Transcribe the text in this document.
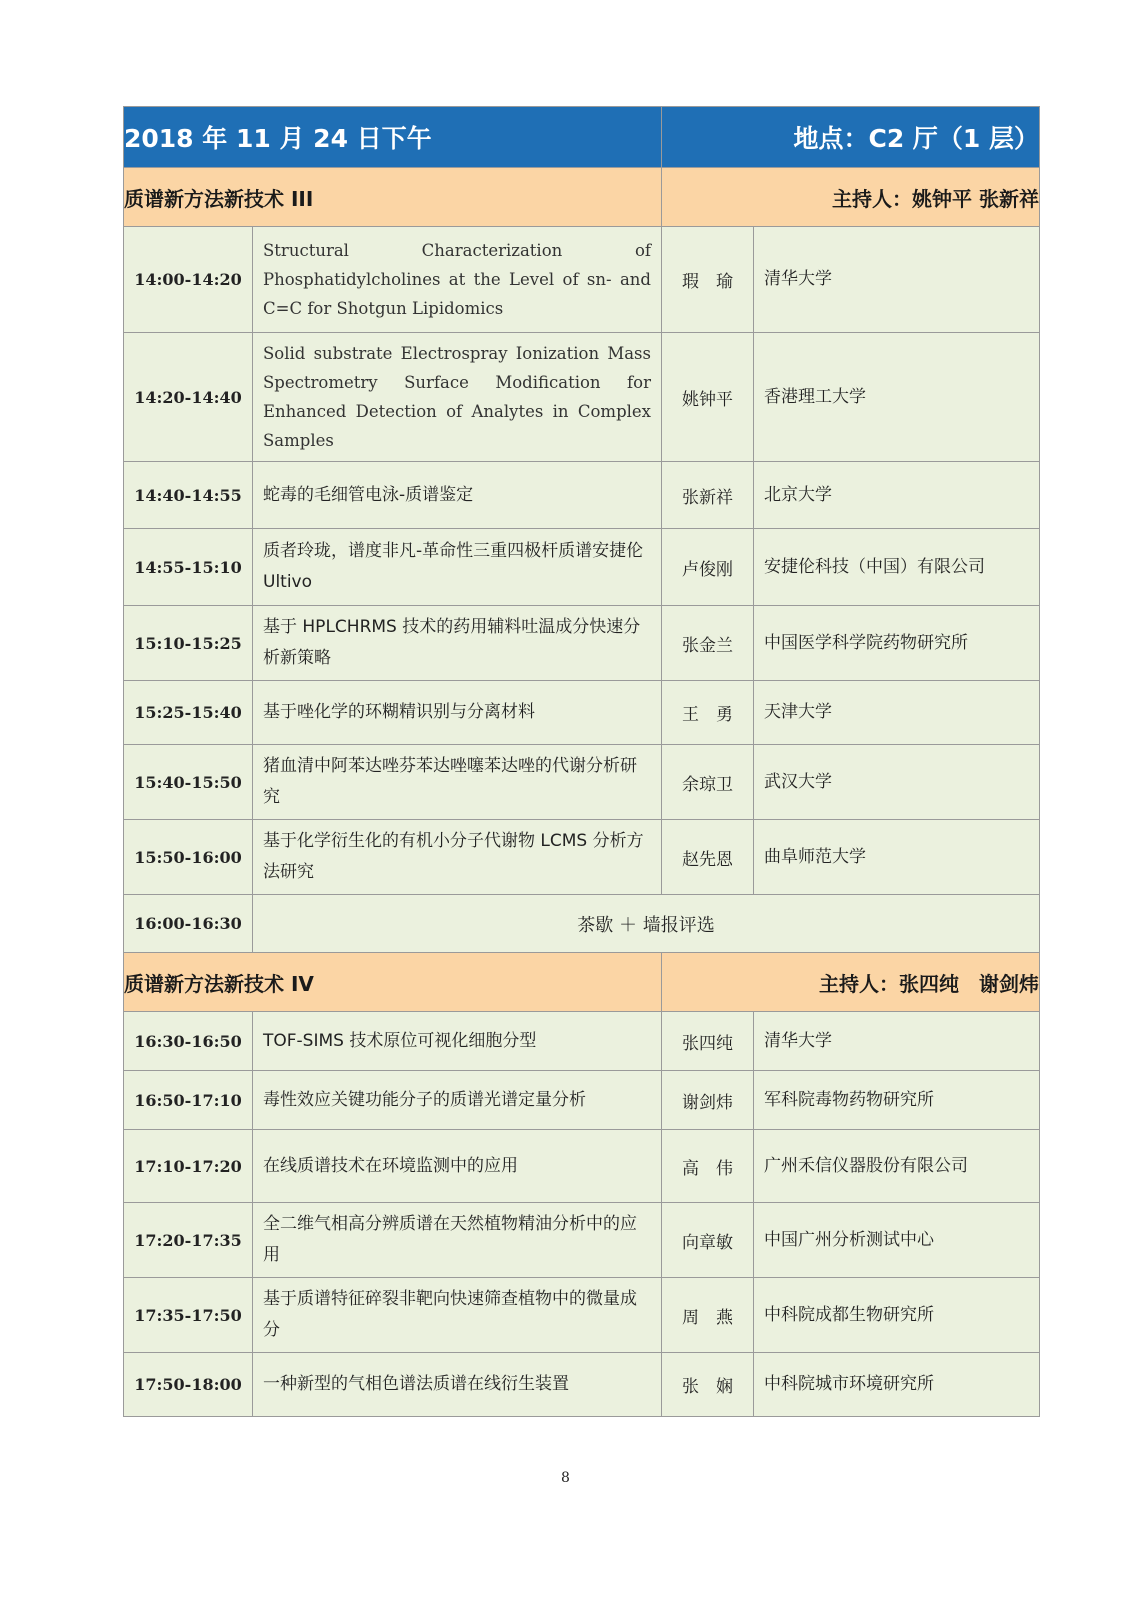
2018 年 11 月 24 日下午		地点：C2 厅（1 层）	
质谱新方法新技术 III		主持人：姚钟平 张新祥	
14:00-14:20	Structural Characterization of Phosphatidylcholines at the Level of sn- and C=C for Shotgun Lipidomics	瑕　瑜	清华大学
14:20-14:40	Solid substrate Electrospray Ionization Mass Spectrometry Surface Modification for Enhanced Detection of Analytes in Complex Samples	姚钟平	香港理工大学
14:40-14:55	蛇毒的毛细管电泳-质谱鉴定	张新祥	北京大学
14:55-15:10	质者玲珑，谱度非凡-革命性三重四极杆质谱安捷伦 Ultivo	卢俊刚	安捷伦科技（中国）有限公司
15:10-15:25	基于 HPLCHRMS 技术的药用辅料吐温成分快速分析新策略	张金兰	中国医学科学院药物研究所
15:25-15:40	基于唑化学的环糊精识别与分离材料	王　勇	天津大学
15:40-15:50	猪血清中阿苯达唑芬苯达唑噻苯达唑的代谢分析研究	余琼卫	武汉大学
15:50-16:00	基于化学衍生化的有机小分子代谢物 LCMS 分析方法研究	赵先恩	曲阜师范大学
16:00-16:30	茶歇 ＋ 墙报评选		
质谱新方法新技术 IV		主持人：张四纯　谢剑炜	
16:30-16:50	TOF-SIMS 技术原位可视化细胞分型	张四纯	清华大学
16:50-17:10	毒性效应关键功能分子的质谱光谱定量分析	谢剑炜	军科院毒物药物研究所
17:10-17:20	在线质谱技术在环境监测中的应用	高　伟	广州禾信仪器股份有限公司
17:20-17:35	全二维气相高分辨质谱在天然植物精油分析中的应用	向章敏	中国广州分析测试中心
17:35-17:50	基于质谱特征碎裂非靶向快速筛查植物中的微量成分	周　燕	中科院成都生物研究所
17:50-18:00	一种新型的气相色谱法质谱在线衍生装置	张　娴	中科院城市环境研究所
8
